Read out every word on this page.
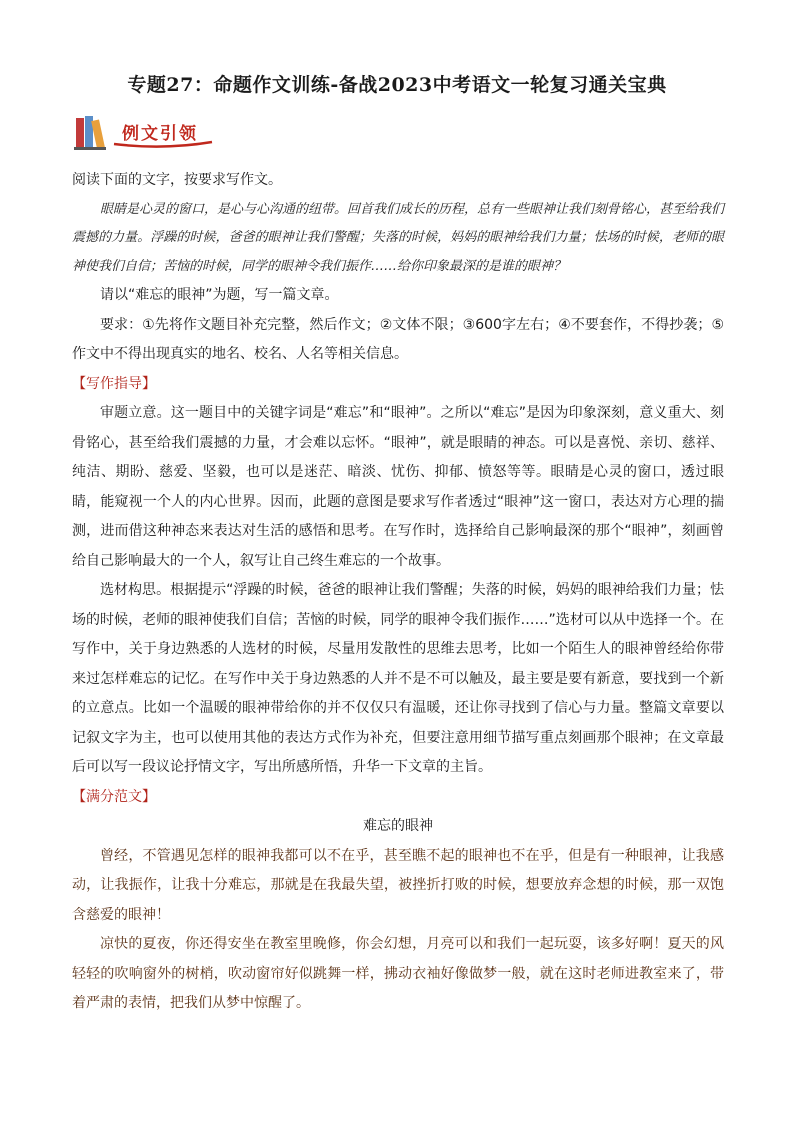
专题27：命题作文训练-备战2023中考语文一轮复习通关宝典
例文引领

阅读下面的文字，按要求写作文。

眼睛是心灵的窗口，是心与心沟通的纽带。回首我们成长的历程，总有一些眼神让我们刻骨铭心，甚至给我们震撼的力量。浮躁的时候，爸爸的眼神让我们警醒；失落的时候，妈妈的眼神给我们力量；怯场的时候，老师的眼神使我们自信；苦恼的时候，同学的眼神令我们振作……给你印象最深的是谁的眼神？

请以“难忘的眼神”为题，写一篇文章。

要求：①先将作文题目补充完整，然后作文；②文体不限；③600字左右；④不要套作，不得抄袭；⑤作文中不得出现真实的地名、校名、人名等相关信息。

【写作指导】

审题立意。这一题目中的关键字词是“难忘”和“眼神”。之所以“难忘”是因为印象深刻，意义重大、刻骨铭心，甚至给我们震撼的力量，才会难以忘怀。“眼神”，就是眼睛的神态。可以是喜悦、亲切、慈祥、纯洁、期盼、慈爱、坚毅，也可以是迷茫、暗淡、忧伤、抑郁、愤怒等等。眼睛是心灵的窗口，透过眼睛，能窥视一个人的内心世界。因而，此题的意图是要求写作者透过“眼神”这一窗口，表达对方心理的揣测，进而借这种神态来表达对生活的感悟和思考。在写作时，选择给自己影响最深的那个“眼神”，刻画曾给自己影响最大的一个人，叙写让自己终生难忘的一个故事。

选材构思。根据提示“浮躁的时候，爸爸的眼神让我们警醒；失落的时候，妈妈的眼神给我们力量；怯场的时候，老师的眼神使我们自信；苦恼的时候，同学的眼神令我们振作……”选材可以从中选择一个。在写作中，关于身边熟悉的人选材的时候，尽量用发散性的思维去思考，比如一个陌生人的眼神曾经给你带来过怎样难忘的记忆。在写作中关于身边熟悉的人并不是不可以触及，最主要是要有新意，要找到一个新的立意点。比如一个温暖的眼神带给你的并不仅仅只有温暖，还让你寻找到了信心与力量。整篇文章要以记叙文字为主，也可以使用其他的表达方式作为补充，但要注意用细节描写重点刻画那个眼神；在文章最后可以写一段议论抒情文字，写出所感所悟，升华一下文章的主旨。

【满分范文】

难忘的眼神

曾经，不管遇见怎样的眼神我都可以不在乎，甚至瞧不起的眼神也不在乎，但是有一种眼神，让我感动，让我振作，让我十分难忘，那就是在我最失望，被挫折打败的时候，想要放弃念想的时候，那一双饱含慈爱的眼神！

凉快的夏夜，你还得安坐在教室里晚修，你会幻想，月亮可以和我们一起玩耍，该多好啊！夏天的风轻轻的吹响窗外的树梢，吹动窗帘好似跳舞一样，拂动衣袖好像做梦一般，就在这时老师进教室来了，带着严肃的表情，把我们从梦中惊醒了。
